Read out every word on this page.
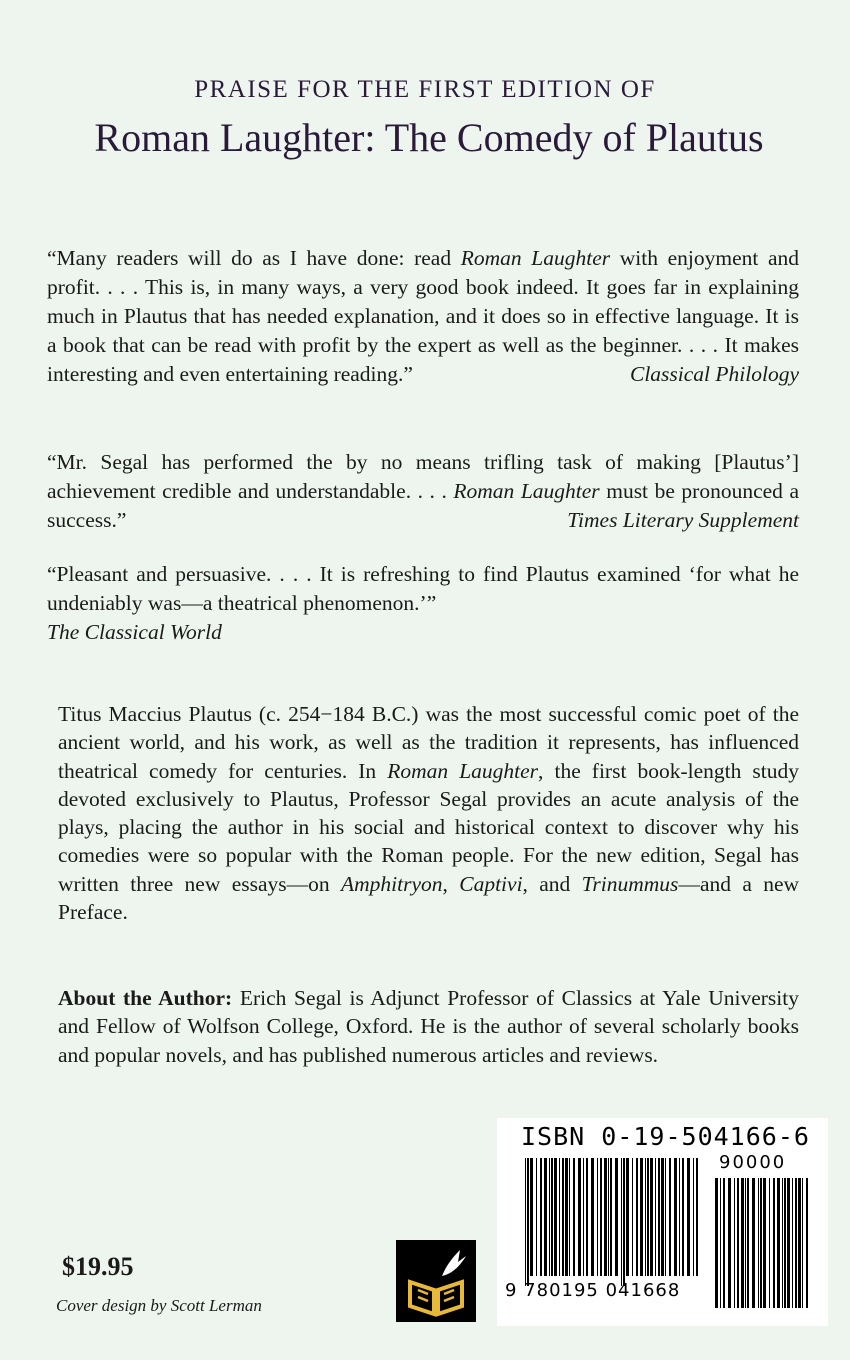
PRAISE FOR THE FIRST EDITION OF
Roman Laughter: The Comedy of Plautus
“Many readers will do as I have done: read Roman Laughter with enjoyment and profit. . . . This is, in many ways, a very good book indeed. It goes far in explaining much in Plautus that has needed explanation, and it does so in effective language. It is a book that can be read with profit by the expert as well as the beginner. . . . It makes interesting and even entertaining reading.”	Classical Philology
“Mr. Segal has performed the by no means trifling task of making [Plautus’] achievement credible and understandable. . . . Roman Laughter must be pronounced a success.”	Times Literary Supplement
“Pleasant and persuasive. . . . It is refreshing to find Plautus examined ‘for what he undeniably was—a theatrical phenomenon.’”
The Classical World
Titus Maccius Plautus (c. 254−184 B.C.) was the most successful comic poet of the ancient world, and his work, as well as the tradition it represents, has influenced theatrical comedy for centuries. In Roman Laughter, the first book-length study devoted exclusively to Plautus, Professor Segal provides an acute analysis of the plays, placing the author in his social and historical context to discover why his comedies were so popular with the Roman people. For the new edition, Segal has written three new essays—on Amphitryon, Captivi, and Trinummus—and a new Preface.
About the Author: Erich Segal is Adjunct Professor of Classics at Yale University and Fellow of Wolfson College, Oxford. He is the author of several scholarly books and popular novels, and has published numerous articles and reviews.
$19.95
Cover design by Scott Lerman
ISBN 0-19-504166-6
9 780195 041668
90000
